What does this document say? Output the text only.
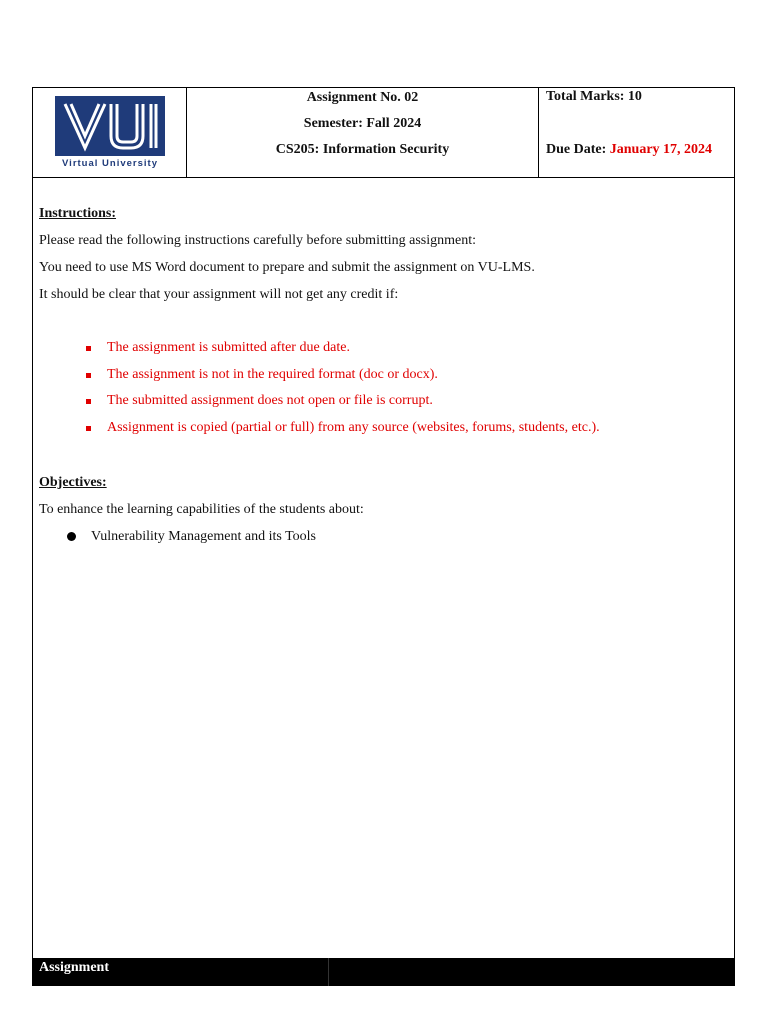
Virtual University
Assignment No. 02
Semester: Fall 2024
CS205: Information Security
Total Marks: 10
Due Date: January 17, 2024
Instructions:
Please read the following instructions carefully before submitting assignment:
You need to use MS Word document to prepare and submit the assignment on VU-LMS.
It should be clear that your assignment will not get any credit if:
The assignment is submitted after due date.
The assignment is not in the required format (doc or docx).
The submitted assignment does not open or file is corrupt.
Assignment is copied (partial or full) from any source (websites, forums, students, etc.).
Objectives:
To enhance the learning capabilities of the students about:
Vulnerability Management and its Tools
Assignment
